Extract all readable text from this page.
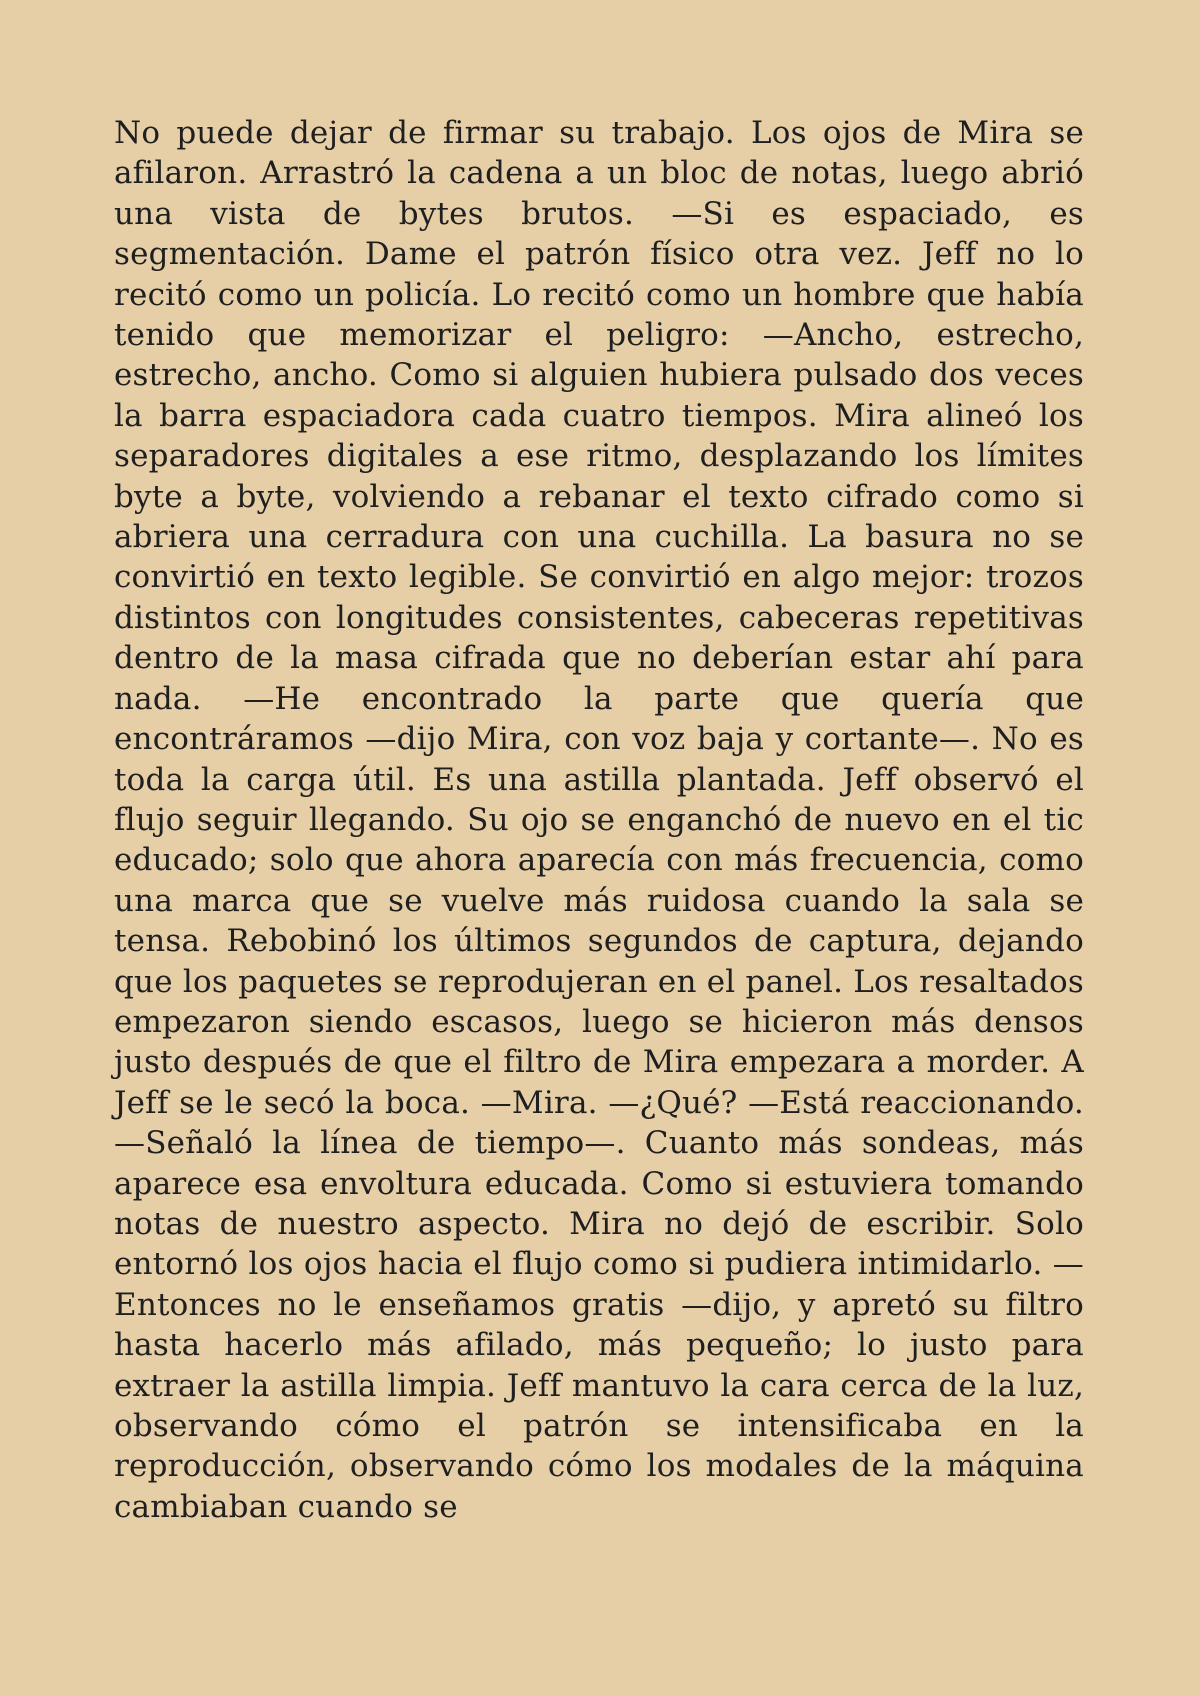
No puede dejar de firmar su trabajo. Los ojos de Mira se afilaron. Arrastró la cadena a un bloc de notas, luego abrió una vista de bytes brutos. —Si es espaciado, es segmentación. Dame el patrón físico otra vez. Jeff no lo recitó como un policía. Lo recitó como un hombre que había tenido que memorizar el peligro: —Ancho, estrecho, estrecho, ancho. Como si alguien hubiera pulsado dos veces la barra espaciadora cada cuatro tiempos. Mira alineó los separadores digitales a ese ritmo, desplazando los límites byte a byte, volviendo a rebanar el texto cifrado como si abriera una cerradura con una cuchilla. La basura no se convirtió en texto legible. Se convirtió en algo mejor: trozos distintos con longitudes consistentes, cabeceras repetitivas dentro de la masa cifrada que no deberían estar ahí para nada. —He encontrado la parte que quería que encontráramos —dijo Mira, con voz baja y cortante—. No es toda la carga útil. Es una astilla plantada. Jeff observó el flujo seguir llegando. Su ojo se enganchó de nuevo en el tic educado; solo que ahora aparecía con más frecuencia, como una marca que se vuelve más ruidosa cuando la sala se tensa. Rebobinó los últimos segundos de captura, dejando que los paquetes se reprodujeran en el panel. Los resaltados empezaron siendo escasos, luego se hicieron más densos justo después de que el filtro de Mira empezara a morder. A Jeff se le secó la boca. —Mira. —¿Qué? —Está reaccionando. —Señaló la línea de tiempo—. Cuanto más sondeas, más aparece esa envoltura educada. Como si estuviera tomando notas de nuestro aspecto. Mira no dejó de escribir. Solo entornó los ojos hacia el flujo como si pudiera intimidarlo. —Entonces no le enseñamos gratis —dijo, y apretó su filtro hasta hacerlo más afilado, más pequeño; lo justo para extraer la astilla limpia. Jeff mantuvo la cara cerca de la luz, observando cómo el patrón se intensificaba en la reproducción, observando cómo los modales de la máquina cambiaban cuando se
